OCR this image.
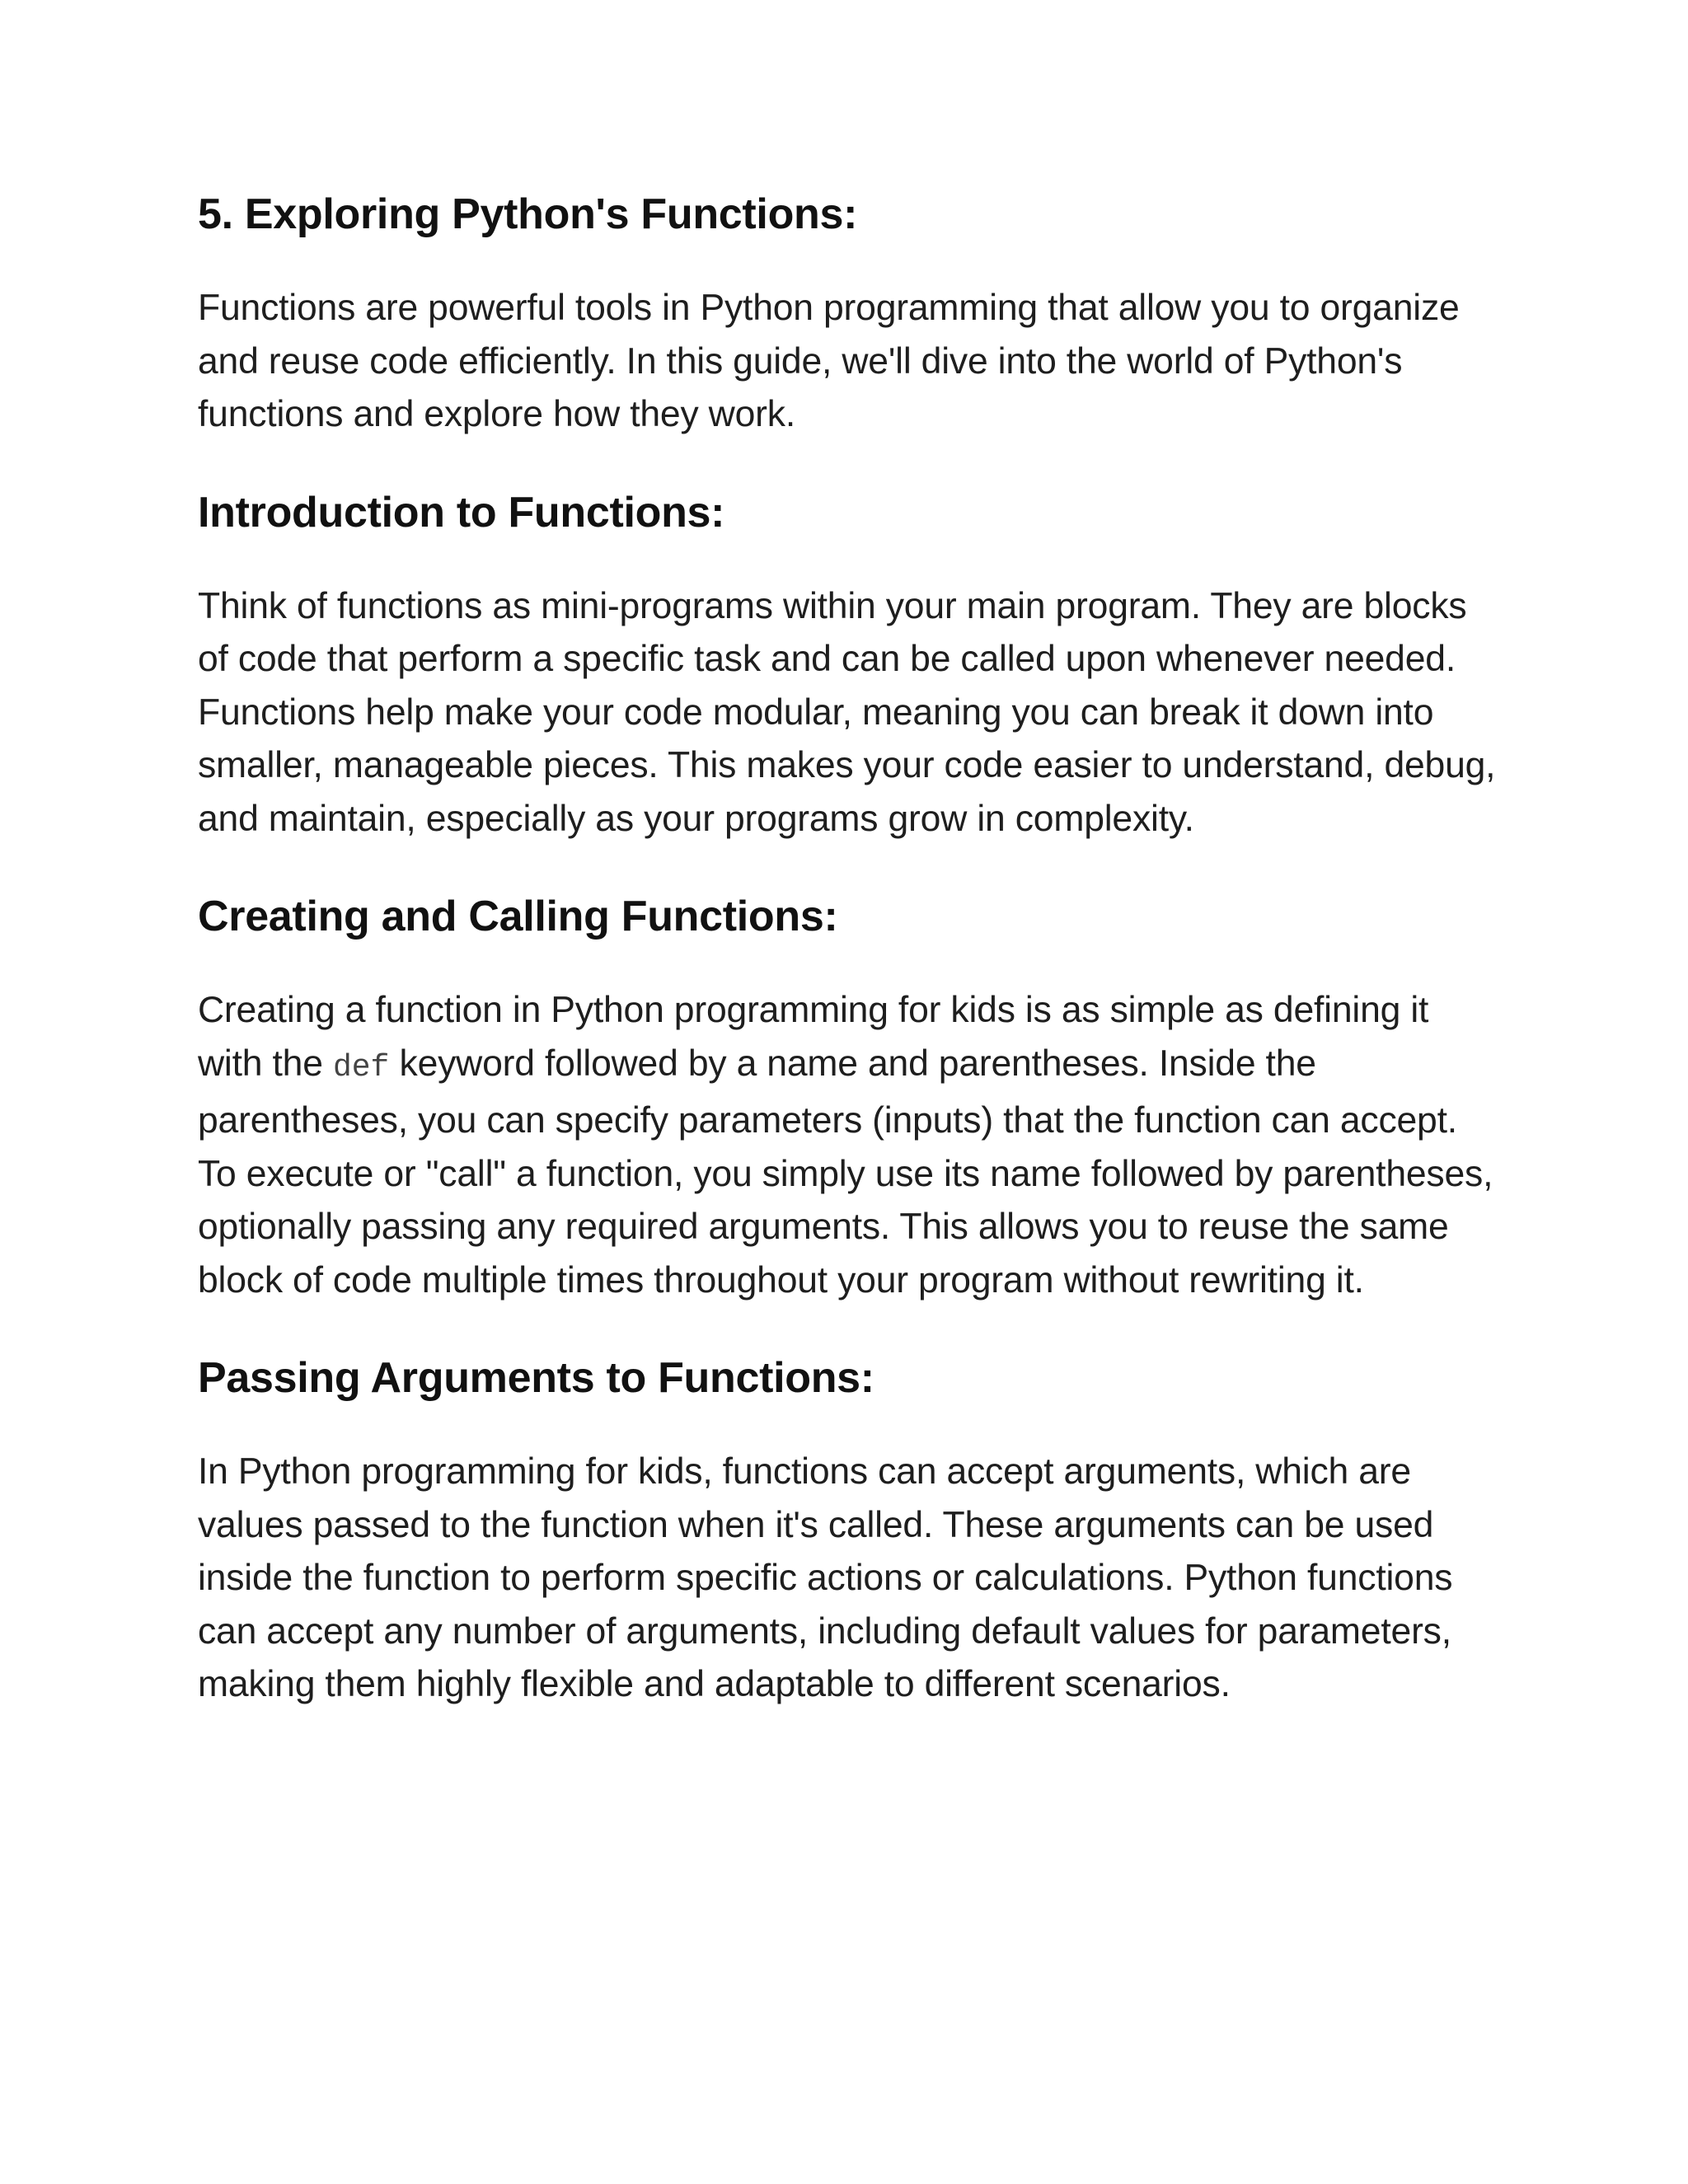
5. Exploring Python's Functions:

Functions are powerful tools in Python programming that allow you to organize and reuse code efficiently. In this guide, we'll dive into the world of Python's functions and explore how they work.

Introduction to Functions:

Think of functions as mini-programs within your main program. They are blocks of code that perform a specific task and can be called upon whenever needed. Functions help make your code modular, meaning you can break it down into smaller, manageable pieces. This makes your code easier to understand, debug, and maintain, especially as your programs grow in complexity.

Creating and Calling Functions:

Creating a function in Python programming for kids is as simple as defining it with the def keyword followed by a name and parentheses. Inside the parentheses, you can specify parameters (inputs) that the function can accept. To execute or "call" a function, you simply use its name followed by parentheses, optionally passing any required arguments. This allows you to reuse the same block of code multiple times throughout your program without rewriting it.

Passing Arguments to Functions:

In Python programming for kids, functions can accept arguments, which are values passed to the function when it's called. These arguments can be used inside the function to perform specific actions or calculations. Python functions can accept any number of arguments, including default values for parameters, making them highly flexible and adaptable to different scenarios.
